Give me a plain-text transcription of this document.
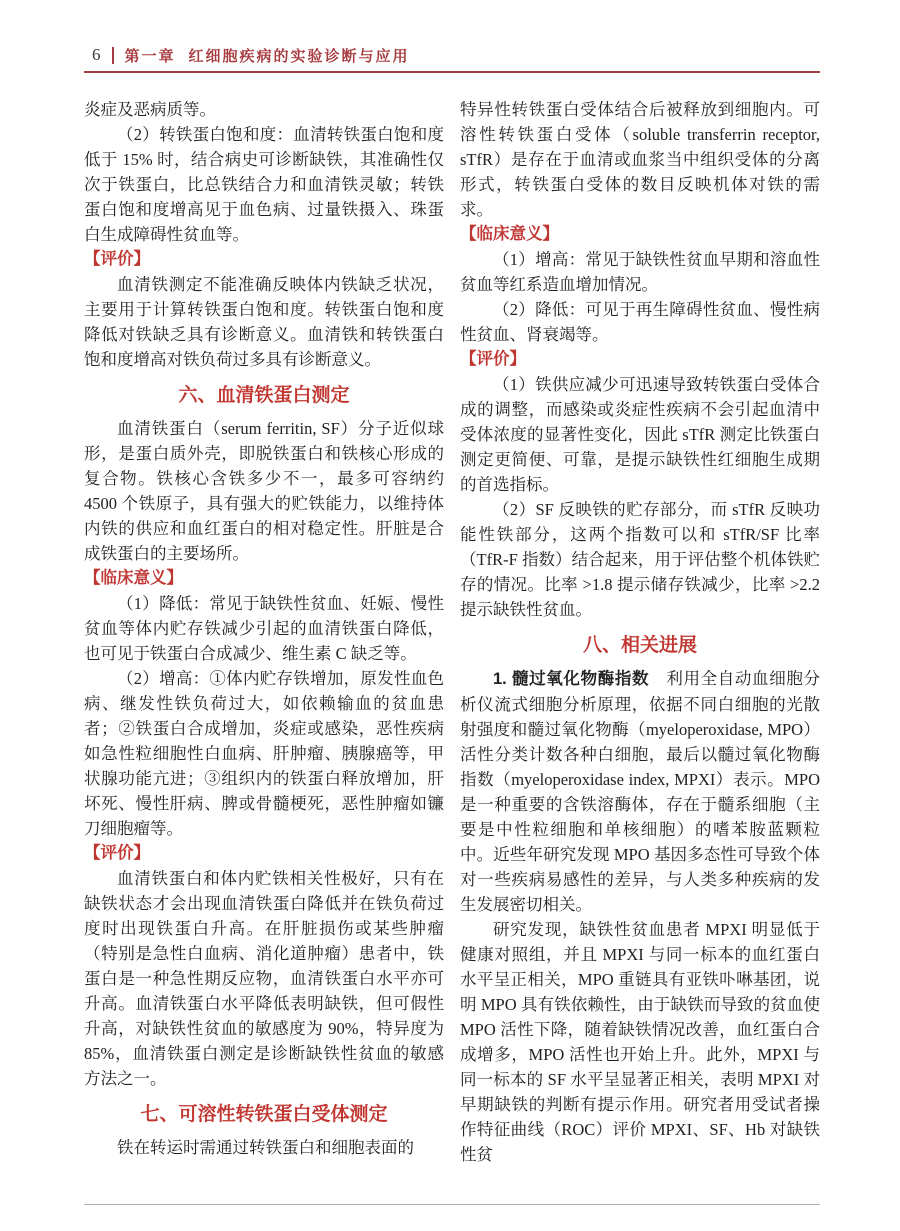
6 第一章 红细胞疾病的实验诊断与应用
炎症及恶病质等。
（2）转铁蛋白饱和度：血清转铁蛋白饱和度低于 15% 时，结合病史可诊断缺铁，其准确性仅次于铁蛋白，比总铁结合力和血清铁灵敏；转铁蛋白饱和度增高见于血色病、过量铁摄入、珠蛋白生成障碍性贫血等。
【评价】
血清铁测定不能准确反映体内铁缺乏状况，主要用于计算转铁蛋白饱和度。转铁蛋白饱和度降低对铁缺乏具有诊断意义。血清铁和转铁蛋白饱和度增高对铁负荷过多具有诊断意义。
六、血清铁蛋白测定
血清铁蛋白（serum ferritin, SF）分子近似球形，是蛋白质外壳，即脱铁蛋白和铁核心形成的复合物。铁核心含铁多少不一，最多可容纳约 4500 个铁原子，具有强大的贮铁能力，以维持体内铁的供应和血红蛋白的相对稳定性。肝脏是合成铁蛋白的主要场所。
【临床意义】
（1）降低：常见于缺铁性贫血、妊娠、慢性贫血等体内贮存铁减少引起的血清铁蛋白降低，也可见于铁蛋白合成减少、维生素 C 缺乏等。
（2）增高：①体内贮存铁增加，原发性血色病、继发性铁负荷过大，如依赖输血的贫血患者；②铁蛋白合成增加，炎症或感染，恶性疾病如急性粒细胞性白血病、肝肿瘤、胰腺癌等，甲状腺功能亢进；③组织内的铁蛋白释放增加，肝坏死、慢性肝病、脾或骨髓梗死，恶性肿瘤如镰刀细胞瘤等。
【评价】
血清铁蛋白和体内贮铁相关性极好，只有在缺铁状态才会出现血清铁蛋白降低并在铁负荷过度时出现铁蛋白升高。在肝脏损伤或某些肿瘤（特别是急性白血病、消化道肿瘤）患者中，铁蛋白是一种急性期反应物，血清铁蛋白水平亦可升高。血清铁蛋白水平降低表明缺铁，但可假性升高，对缺铁性贫血的敏感度为 90%，特异度为 85%，血清铁蛋白测定是诊断缺铁性贫血的敏感方法之一。
七、可溶性转铁蛋白受体测定
铁在转运时需通过转铁蛋白和细胞表面的
特异性转铁蛋白受体结合后被释放到细胞内。可溶性转铁蛋白受体（soluble transferrin receptor, sTfR）是存在于血清或血浆当中组织受体的分离形式，转铁蛋白受体的数目反映机体对铁的需求。
【临床意义】
（1）增高：常见于缺铁性贫血早期和溶血性贫血等红系造血增加情况。
（2）降低：可见于再生障碍性贫血、慢性病性贫血、肾衰竭等。
【评价】
（1）铁供应减少可迅速导致转铁蛋白受体合成的调整，而感染或炎症性疾病不会引起血清中受体浓度的显著性变化，因此 sTfR 测定比铁蛋白测定更简便、可靠，是提示缺铁性红细胞生成期的首选指标。
（2）SF 反映铁的贮存部分，而 sTfR 反映功能性铁部分，这两个指数可以和 sTfR/SF 比率（TfR-F 指数）结合起来，用于评估整个机体铁贮存的情况。比率 >1.8 提示储存铁减少，比率 >2.2 提示缺铁性贫血。
八、相关进展
1. 髓过氧化物酶指数　利用全自动血细胞分析仪流式细胞分析原理，依据不同白细胞的光散射强度和髓过氧化物酶（myeloperoxidase, MPO）活性分类计数各种白细胞，最后以髓过氧化物酶指数（myeloperoxidase index, MPXI）表示。MPO 是一种重要的含铁溶酶体，存在于髓系细胞（主要是中性粒细胞和单核细胞）的嗜苯胺蓝颗粒中。近些年研究发现 MPO 基因多态性可导致个体对一些疾病易感性的差异，与人类多种疾病的发生发展密切相关。
研究发现，缺铁性贫血患者 MPXI 明显低于健康对照组，并且 MPXI 与同一标本的血红蛋白水平呈正相关，MPO 重链具有亚铁卟啉基团，说明 MPO 具有铁依赖性，由于缺铁而导致的贫血使 MPO 活性下降，随着缺铁情况改善，血红蛋白合成增多，MPO 活性也开始上升。此外，MPXI 与同一标本的 SF 水平呈显著正相关，表明 MPXI 对早期缺铁的判断有提示作用。研究者用受试者操作特征曲线（ROC）评价 MPXI、SF、Hb 对缺铁性贫
